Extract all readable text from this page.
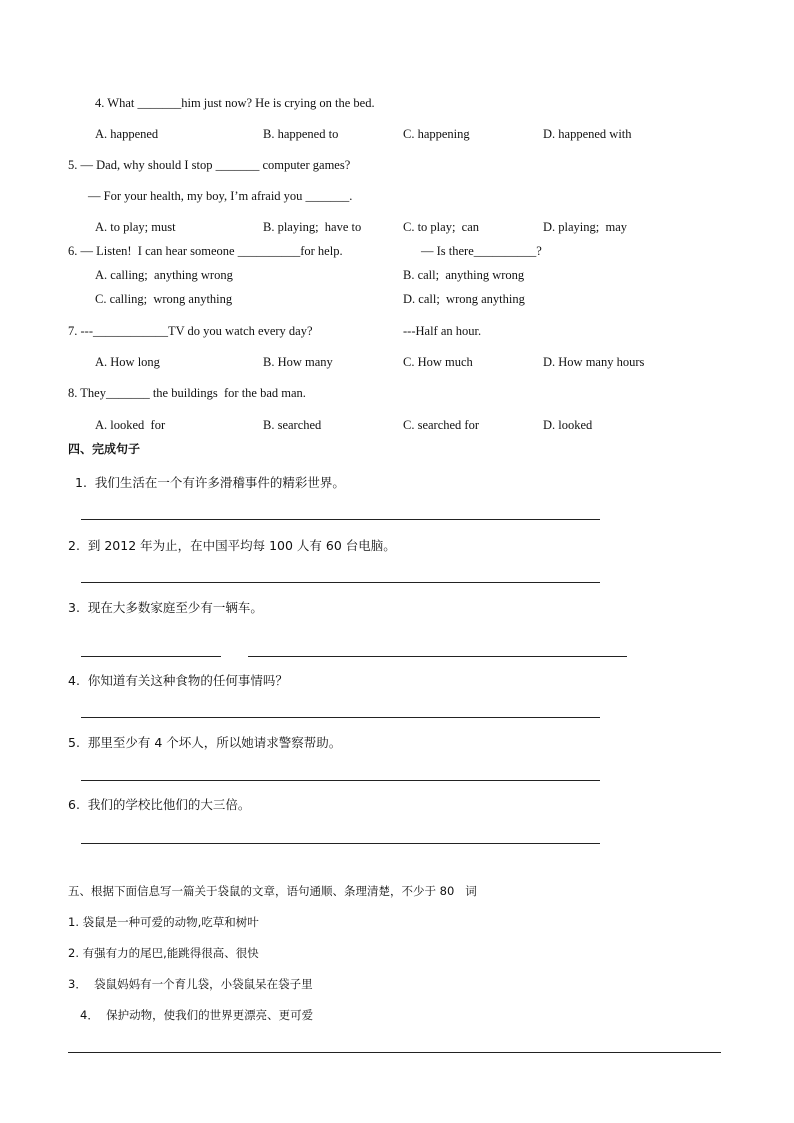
4. What _______him just now? He is crying on the bed.
A. happened	B. happened to	C. happening	D. happened with
5. — Dad, why should I stop _______ computer games?
— For your health, my boy, I’m afraid you _______.
A. to play; must	B. playing;  have to	C. to play;  can	D. playing;  may
6. — Listen!  I can hear someone __________for help.	— Is there__________?
A. calling;  anything wrong	B. call;  anything wrong
C. calling;  wrong anything	D. call;  wrong anything
7. ---____________TV do you watch every day?	---Half an hour.
A. How long	B. How many	C. How much	D. How many hours
8. They_______ the buildings  for the bad man.
A. looked  for	B. searched	C. searched for	D. looked
四、完成句子
1.  我们生活在一个有许多滑稽事件的精彩世界。
2.  到 2012 年为止，在中国平均每 100 人有 60 台电脑。
3.  现在大多数家庭至少有一辆车。
4.  你知道有关这种食物的任何事情吗？
5.  那里至少有 4 个坏人，所以她请求警察帮助。
6.  我们的学校比他们的大三倍。
五、根据下面信息写一篇关于袋鼠的文章，语句通顺、条理清楚，不少于 80   词
1. 袋鼠是一种可爱的动物,吃草和树叶
2. 有强有力的尾巴,能跳得很高、很快
3．  袋鼠妈妈有一个育儿袋，小袋鼠呆在袋子里
4．  保护动物，使我们的世界更漂亮、更可爱
